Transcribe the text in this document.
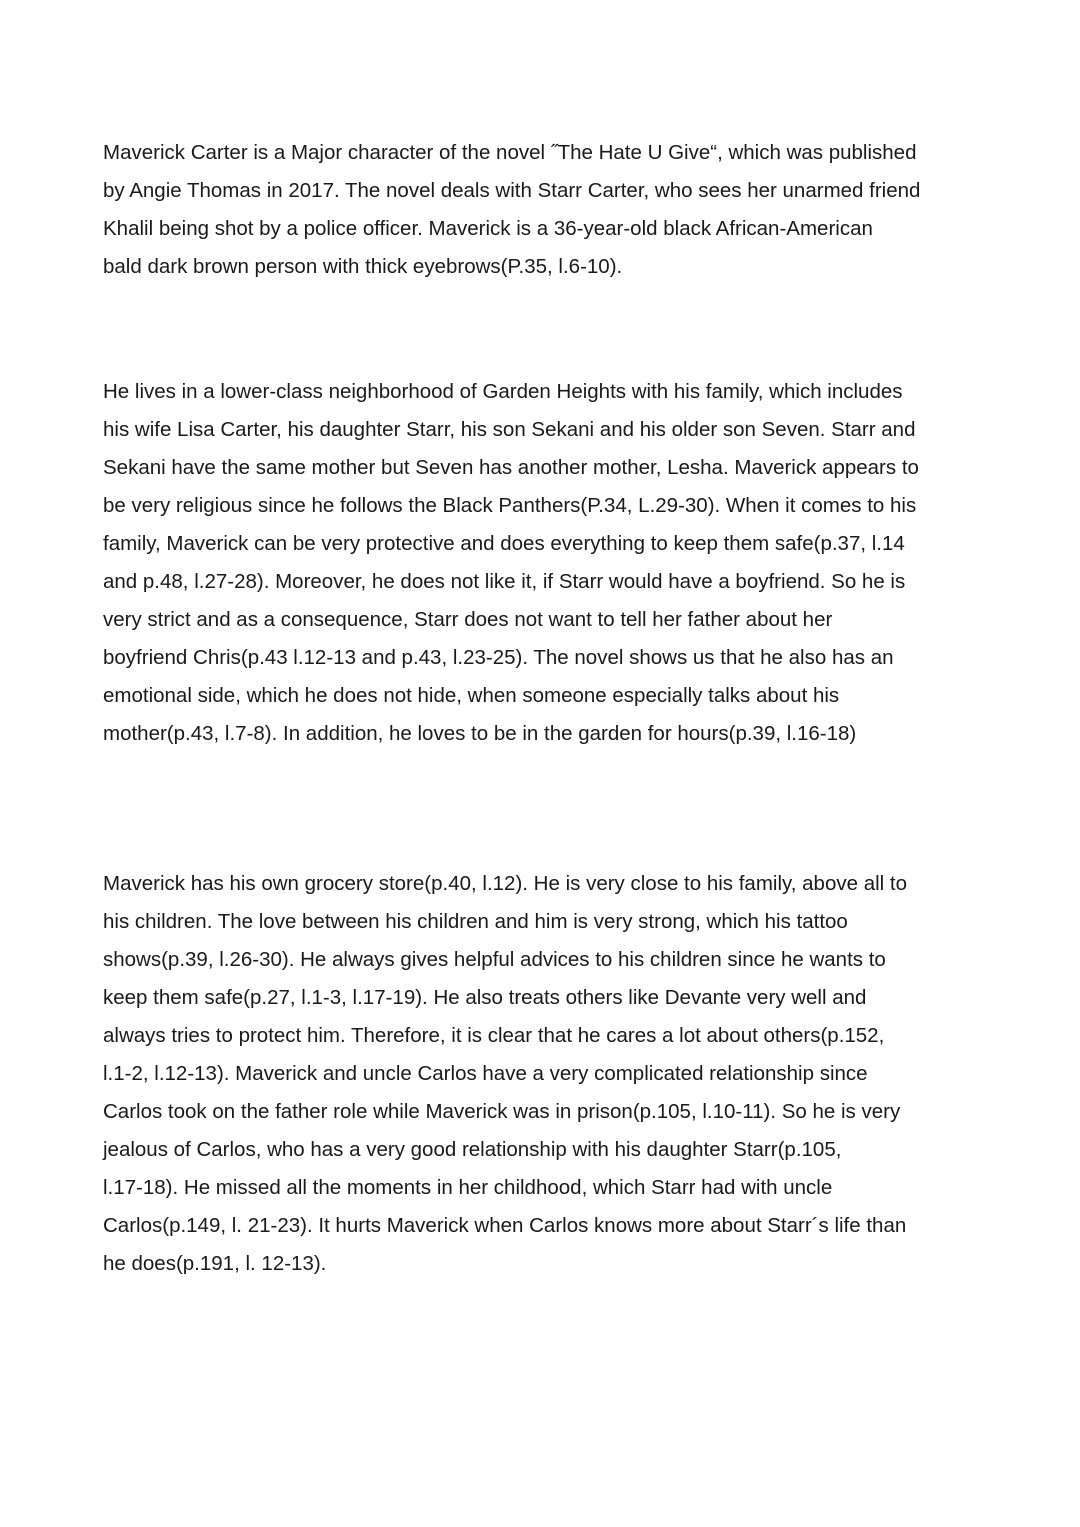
Maverick Carter is a Major character of the novel ˝The Hate U Give“, which was published
by Angie Thomas in 2017. The novel deals with Starr Carter, who sees her unarmed friend
Khalil being shot by a police officer. Maverick is a 36-year-old black African-American
bald dark brown person with thick eyebrows(P.35, l.6-10).

He lives in a lower-class neighborhood of Garden Heights with his family, which includes
his wife Lisa Carter, his daughter Starr, his son Sekani and his older son Seven. Starr and
Sekani have the same mother but Seven has another mother, Lesha. Maverick appears to
be very religious since he follows the Black Panthers(P.34, L.29-30). When it comes to his
family, Maverick can be very protective and does everything to keep them safe(p.37, l.14
and p.48, l.27-28). Moreover, he does not like it, if Starr would have a boyfriend. So he is
very strict and as a consequence, Starr does not want to tell her father about her
boyfriend Chris(p.43 l.12-13 and p.43, l.23-25). The novel shows us that he also has an
emotional side, which he does not hide, when someone especially talks about his
mother(p.43, l.7-8). In addition, he loves to be in the garden for hours(p.39, l.16-18)

Maverick has his own grocery store(p.40, l.12). He is very close to his family, above all to
his children. The love between his children and him is very strong, which his tattoo
shows(p.39, l.26-30). He always gives helpful advices to his children since he wants to
keep them safe(p.27, l.1-3, l.17-19). He also treats others like Devante very well and
always tries to protect him. Therefore, it is clear that he cares a lot about others(p.152,
l.1-2, l.12-13). Maverick and uncle Carlos have a very complicated relationship since
Carlos took on the father role while Maverick was in prison(p.105, l.10-11). So he is very
jealous of Carlos, who has a very good relationship with his daughter Starr(p.105,
l.17-18). He missed all the moments in her childhood, which Starr had with uncle
Carlos(p.149, l. 21-23). It hurts Maverick when Carlos knows more about Starr´s life than
he does(p.191, l. 12-13).
